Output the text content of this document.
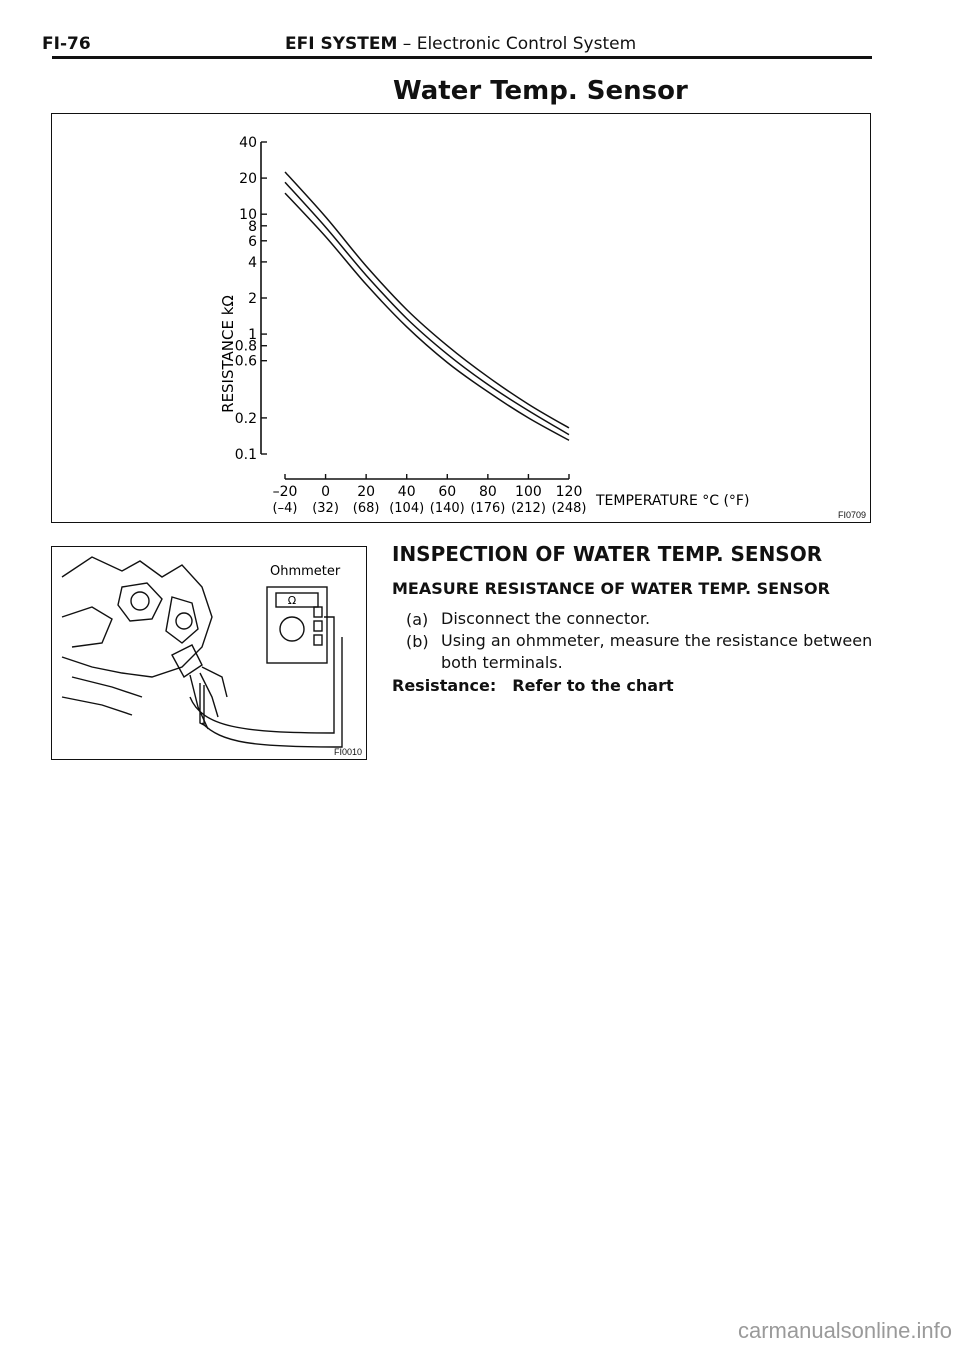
FI-76	EFI SYSTEM – Electronic Control System
Water Temp. Sensor
40
20
10
8
6
4
2
1
0.8
0.6
0.2
0.1
–20
(–4)
0
(32)
20
(68)
40
(104)
60
(140)
80
(176)
100
(212)
120
(248)
RESISTANCE kΩ
TEMPERATURE °C (°F)
FI0709
Ohmmeter
Ω
FI0010
INSPECTION OF WATER TEMP. SENSOR
MEASURE RESISTANCE OF WATER TEMP. SENSOR
(a) Disconnect the connector.
(b) Using an ohmmeter, measure the resistance between both terminals.
Resistance: Refer to the chart
carmanualsonline.info
